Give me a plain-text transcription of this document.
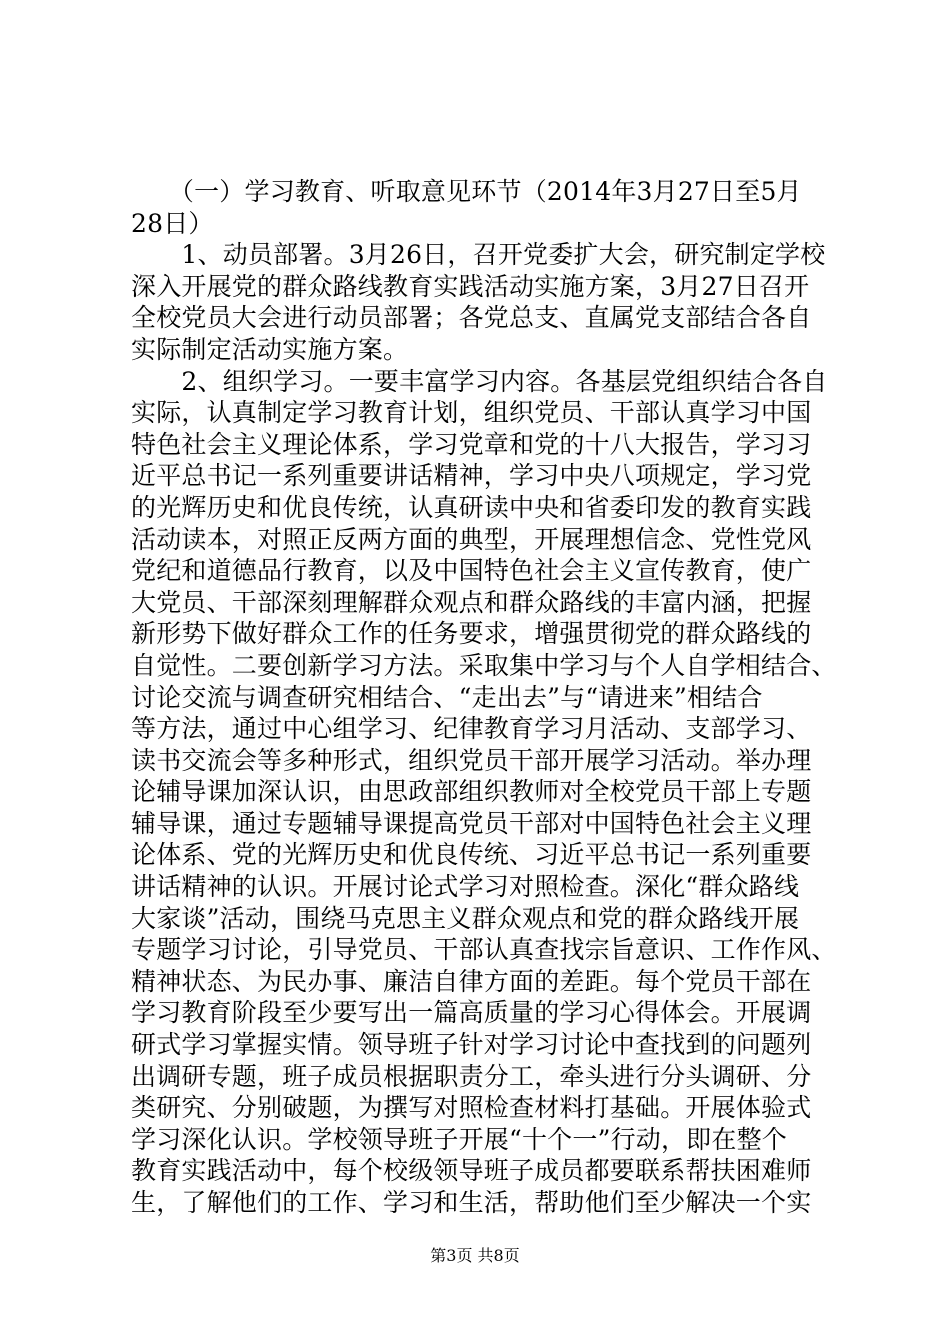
　　（一）学习教育、听取意见环节（2014年3月27日至5月
28日）
　　1、动员部署。3月26日，召开党委扩大会，研究制定学校
深入开展党的群众路线教育实践活动实施方案，3月27日召开
全校党员大会进行动员部署；各党总支、直属党支部结合各自
实际制定活动实施方案。
　　2、组织学习。一要丰富学习内容。各基层党组织结合各自
实际，认真制定学习教育计划，组织党员、干部认真学习中国
特色社会主义理论体系，学习党章和党的十八大报告，学习习
近平总书记一系列重要讲话精神，学习中央八项规定，学习党
的光辉历史和优良传统，认真研读中央和省委印发的教育实践
活动读本，对照正反两方面的典型，开展理想信念、党性党风
党纪和道德品行教育，以及中国特色社会主义宣传教育，使广
大党员、干部深刻理解群众观点和群众路线的丰富内涵，把握
新形势下做好群众工作的任务要求，增强贯彻党的群众路线的
自觉性。二要创新学习方法。采取集中学习与个人自学相结合、
讨论交流与调查研究相结合、“走出去”与“请进来”相结合
等方法，通过中心组学习、纪律教育学习月活动、支部学习、
读书交流会等多种形式，组织党员干部开展学习活动。举办理
论辅导课加深认识，由思政部组织教师对全校党员干部上专题
辅导课，通过专题辅导课提高党员干部对中国特色社会主义理
论体系、党的光辉历史和优良传统、习近平总书记一系列重要
讲话精神的认识。开展讨论式学习对照检查。深化“群众路线
大家谈”活动，围绕马克思主义群众观点和党的群众路线开展
专题学习讨论，引导党员、干部认真查找宗旨意识、工作作风、
精神状态、为民办事、廉洁自律方面的差距。每个党员干部在
学习教育阶段至少要写出一篇高质量的学习心得体会。开展调
研式学习掌握实情。领导班子针对学习讨论中查找到的问题列
出调研专题，班子成员根据职责分工，牵头进行分头调研、分
类研究、分别破题，为撰写对照检查材料打基础。开展体验式
学习深化认识。学校领导班子开展“十个一”行动，即在整个
教育实践活动中，每个校级领导班子成员都要联系帮扶困难师
生，了解他们的工作、学习和生活，帮助他们至少解决一个实
第3页 共8页
